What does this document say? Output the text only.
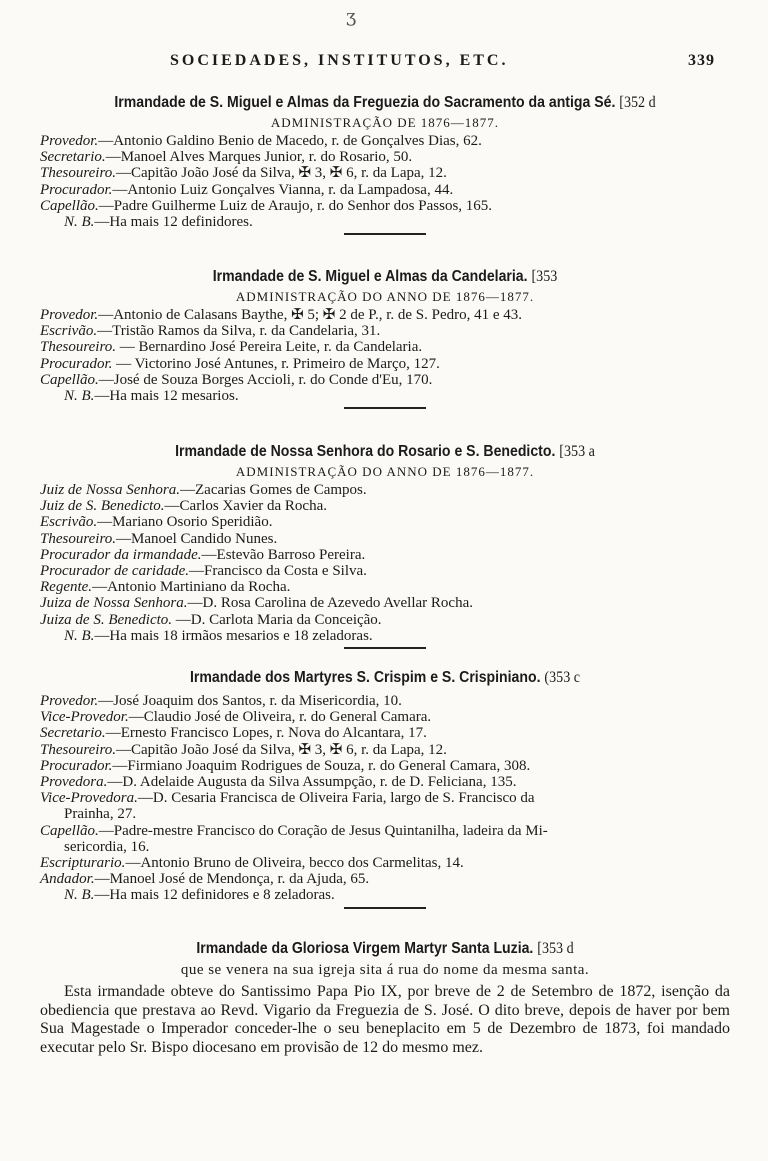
ʒ
SOCIEDADES, INSTITUTOS, ETC.	339
Irmandade de S. Miguel e Almas da Freguezia do Sacramento da antiga Sé. [352 d
ADMINISTRAÇÃO DE 1876—1877.
Provedor.—Antonio Galdino Benio de Macedo, r. de Gonçalves Dias, 62.
Secretario.—Manoel Alves Marques Junior, r. do Rosario, 50.
Thesoureiro.—Capitão João José da Silva, ✠ 3, ✠ 6, r. da Lapa, 12.
Procurador.—Antonio Luiz Gonçalves Vianna, r. da Lampadosa, 44.
Capellão.—Padre Guilherme Luiz de Araujo, r. do Senhor dos Passos, 165.
N. B.—Ha mais 12 definidores.
Irmandade de S. Miguel e Almas da Candelaria. [353
ADMINISTRAÇÃO DO ANNO DE 1876—1877.
Provedor.—Antonio de Calasans Baythe, ✠ 5; ✠ 2 de P., r. de S. Pedro, 41 e 43.
Escrivão.—Tristão Ramos da Silva, r. da Candelaria, 31.
Thesoureiro. — Bernardino José Pereira Leite, r. da Candelaria.
Procurador. — Victorino José Antunes, r. Primeiro de Março, 127.
Capellão.—José de Souza Borges Accioli, r. do Conde d'Eu, 170.
N. B.—Ha mais 12 mesarios.
Irmandade de Nossa Senhora do Rosario e S. Benedicto. [353 a
ADMINISTRAÇÃO DO ANNO DE 1876—1877.
Juiz de Nossa Senhora.—Zacarias Gomes de Campos.
Juiz de S. Benedicto.—Carlos Xavier da Rocha.
Escrivão.—Mariano Osorio Speridião.
Thesoureiro.—Manoel Candido Nunes.
Procurador da irmandade.—Estevão Barroso Pereira.
Procurador de caridade.—Francisco da Costa e Silva.
Regente.—Antonio Martiniano da Rocha.
Juiza de Nossa Senhora.—D. Rosa Carolina de Azevedo Avellar Rocha.
Juiza de S. Benedicto. —D. Carlota Maria da Conceição.
N. B.—Ha mais 18 irmãos mesarios e 18 zeladoras.
Irmandade dos Martyres S. Crispim e S. Crispiniano. (353 c
Provedor.—José Joaquim dos Santos, r. da Misericordia, 10.
Vice-Provedor.—Claudio José de Oliveira, r. do General Camara.
Secretario.—Ernesto Francisco Lopes, r. Nova do Alcantara, 17.
Thesoureiro.—Capitão João José da Silva, ✠ 3, ✠ 6, r. da Lapa, 12.
Procurador.—Firmiano Joaquim Rodrigues de Souza, r. do General Camara, 308.
Provedora.—D. Adelaide Augusta da Silva Assumpção, r. de D. Feliciana, 135.
Vice-Provedora.—D. Cesaria Francisca de Oliveira Faria, largo de S. Francisco da
Prainha, 27.
Capellão.—Padre-mestre Francisco do Coração de Jesus Quintanilha, ladeira da Mi-
sericordia, 16.
Escripturario.—Antonio Bruno de Oliveira, becco dos Carmelitas, 14.
Andador.—Manoel José de Mendonça, r. da Ajuda, 65.
N. B.—Ha mais 12 definidores e 8 zeladoras.
Irmandade da Gloriosa Virgem Martyr Santa Luzia. [353 d
que se venera na sua igreja sita á rua do nome da mesma santa.
Esta irmandade obteve do Santissimo Papa Pio IX, por breve de 2 de Setembro de 1872, isenção da obediencia que prestava ao Revd. Vigario da Freguezia de S. José. O dito breve, depois de haver por bem Sua Magestade o Imperador conceder-lhe o seu beneplacito em 5 de Dezembro de 1873, foi mandado executar pelo Sr. Bispo diocesano em provisão de 12 do mesmo mez.
